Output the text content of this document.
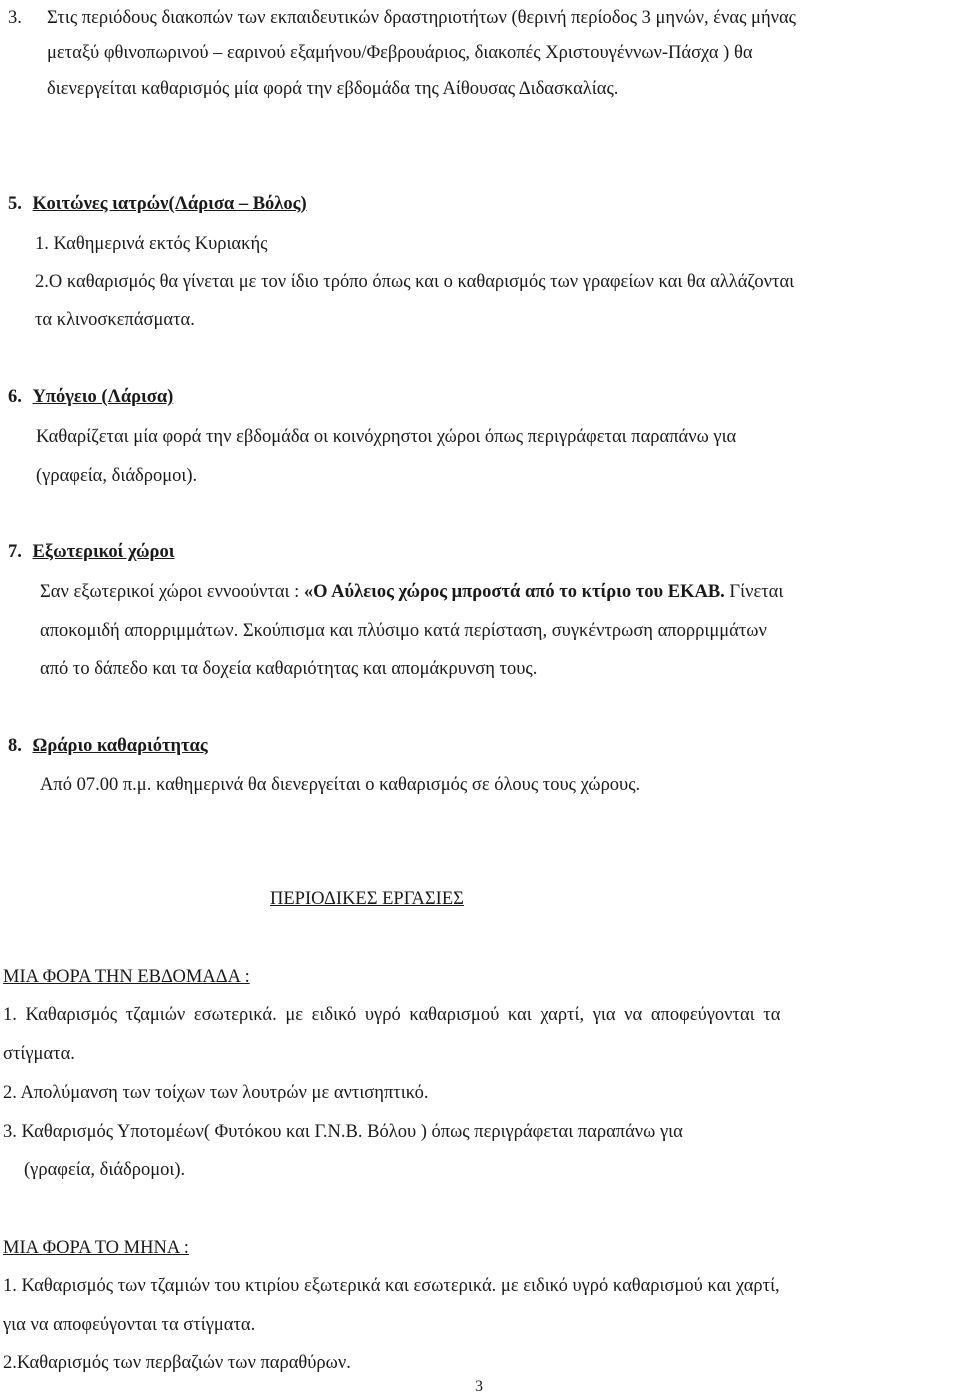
3. Στις περιόδους διακοπών των εκπαιδευτικών δραστηριοτήτων (θερινή περίοδος 3 μηνών, ένας μήνας
μεταξύ φθινοπωρινού – εαρινού εξαμήνου/Φεβρουάριος, διακοπές Χριστουγέννων-Πάσχα ) θα
διενεργείται καθαρισμός μία φορά την εβδομάδα της Αίθουσας Διδασκαλίας.
5. Κοιτώνες ιατρών(Λάρισα – Βόλος)
1. Καθημερινά εκτός Κυριακής
2.Ο καθαρισμός θα γίνεται με τον ίδιο τρόπο όπως και ο καθαρισμός των γραφείων και θα αλλάζονται
τα κλινοσκεπάσματα.
6. Υπόγειο (Λάρισα)
Καθαρίζεται μία φορά την εβδομάδα οι κοινόχρηστοι χώροι όπως περιγράφεται παραπάνω για
(γραφεία, διάδρομοι).
7. Εξωτερικοί χώροι
Σαν εξωτερικοί χώροι εννοούνται : «Ο Αύλειος χώρος μπροστά από το κτίριο του ΕΚΑΒ. Γίνεται
αποκομιδή απορριμμάτων. Σκούπισμα και πλύσιμο κατά περίσταση, συγκέντρωση απορριμμάτων
από το δάπεδο και τα δοχεία καθαριότητας και απομάκρυνση τους.
8. Ωράριο καθαριότητας
Από 07.00 π.μ. καθημερινά θα διενεργείται ο καθαρισμός σε όλους τους χώρους.
ΠΕΡΙΟΔΙΚΕΣ ΕΡΓΑΣΙΕΣ
ΜΙΑ ΦΟΡΑ ΤΗΝ ΕΒΔΟΜΑΔΑ :
1. Καθαρισμός τζαμιών εσωτερικά. με ειδικό υγρό καθαρισμού και χαρτί, για να αποφεύγονται τα
στίγματα.
2. Απολύμανση των τοίχων των λουτρών με αντισηπτικό.
3. Καθαρισμός Υποτομέων( Φυτόκου και Γ.Ν.Β. Βόλου ) όπως περιγράφεται παραπάνω για
(γραφεία, διάδρομοι).
ΜΙΑ ΦΟΡΑ ΤΟ ΜΗΝΑ :
1. Καθαρισμός των τζαμιών του κτιρίου εξωτερικά και εσωτερικά. με ειδικό υγρό καθαρισμού και χαρτί,
για να αποφεύγονται τα στίγματα.
2.Καθαρισμός των περβαζιών των παραθύρων.
3
